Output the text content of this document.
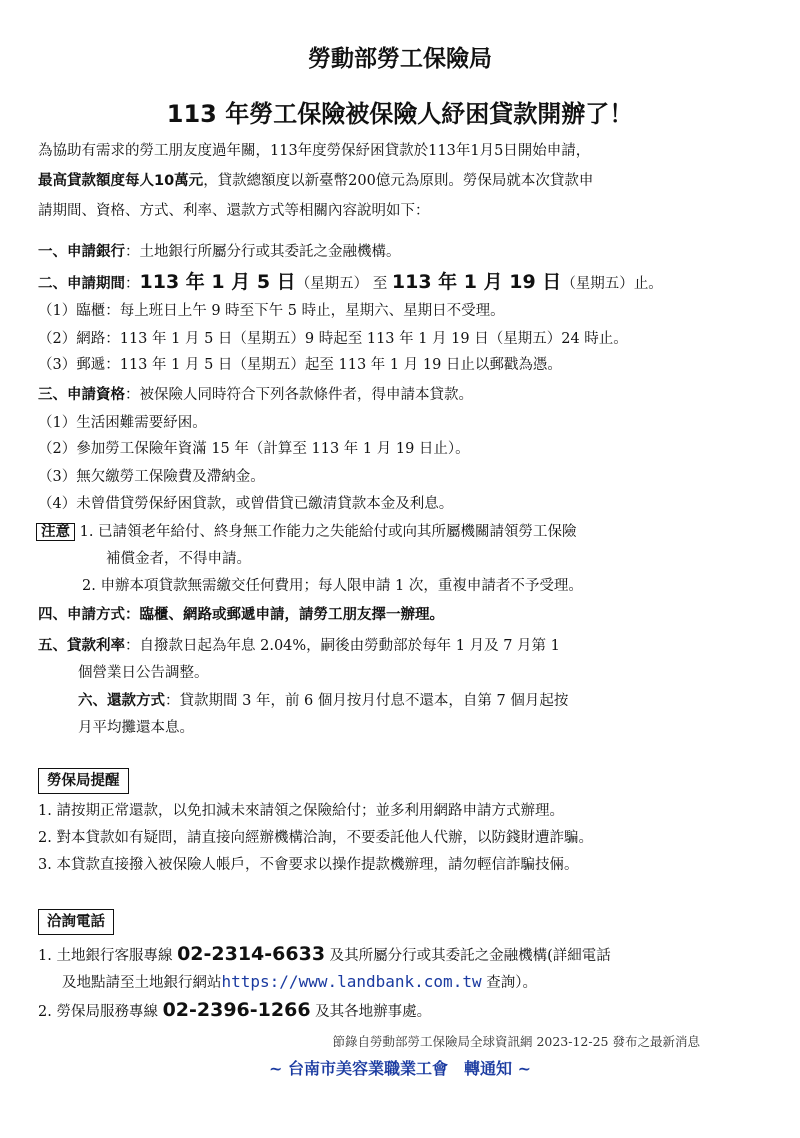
勞動部勞工保險局
113 年勞工保險被保險人紓困貸款開辦了！
為協助有需求的勞工朋友度過年關，113年度勞保紓困貸款於113年1月5日開始申請，
最高貸款額度每人10萬元，貸款總額度以新臺幣200億元為原則。勞保局就本次貸款申
請期間、資格、方式、利率、還款方式等相關內容說明如下：
一、申請銀行：土地銀行所屬分行或其委託之金融機構。
二、申請期間：113 年 1 月 5 日（星期五） 至 113 年 1 月 19 日（星期五）止。
（1）臨櫃：每上班日上午 9 時至下午 5 時止，星期六、星期日不受理。
（2）網路：113 年 1 月 5 日（星期五）9 時起至 113 年 1 月 19 日（星期五）24 時止。
（3）郵遞：113 年 1 月 5 日（星期五）起至 113 年 1 月 19 日止以郵戳為憑。
三、申請資格：被保險人同時符合下列各款條件者，得申請本貸款。
（1）生活困難需要紓困。
（2）參加勞工保險年資滿 15 年（計算至 113 年 1 月 19 日止）。
（3）無欠繳勞工保險費及滯納金。
（4）未曾借貸勞保紓困貸款，或曾借貸已繳清貸款本金及利息。
注意 1. 已請領老年給付、終身無工作能力之失能給付或向其所屬機關請領勞工保險
補償金者，不得申請。
2. 申辦本項貸款無需繳交任何費用；每人限申請 1 次，重複申請者不予受理。
四、申請方式：臨櫃、網路或郵遞申請，請勞工朋友擇一辦理。
五、貸款利率：自撥款日起為年息 2.04%，嗣後由勞動部於每年 1 月及 7 月第 1
個營業日公告調整。
六、還款方式：貸款期間 3 年，前 6 個月按月付息不還本，自第 7 個月起按
月平均攤還本息。
勞保局提醒
1. 請按期正常還款，以免扣減未來請領之保險給付；並多利用網路申請方式辦理。
2. 對本貸款如有疑問，請直接向經辦機構洽詢，不要委託他人代辦，以防錢財遭詐騙。
3. 本貸款直接撥入被保險人帳戶，不會要求以操作提款機辦理，請勿輕信詐騙技倆。
洽詢電話
1. 土地銀行客服專線 02-2314-6633 及其所屬分行或其委託之金融機構(詳細電話
及地點請至土地銀行網站https://www.landbank.com.tw 查詢）。
2. 勞保局服務專線 02-2396-1266 及其各地辦事處。
節錄自勞動部勞工保險局全球資訊網 2023-12-25 發布之最新消息
~ 台南市美容業職業工會　轉通知 ~
